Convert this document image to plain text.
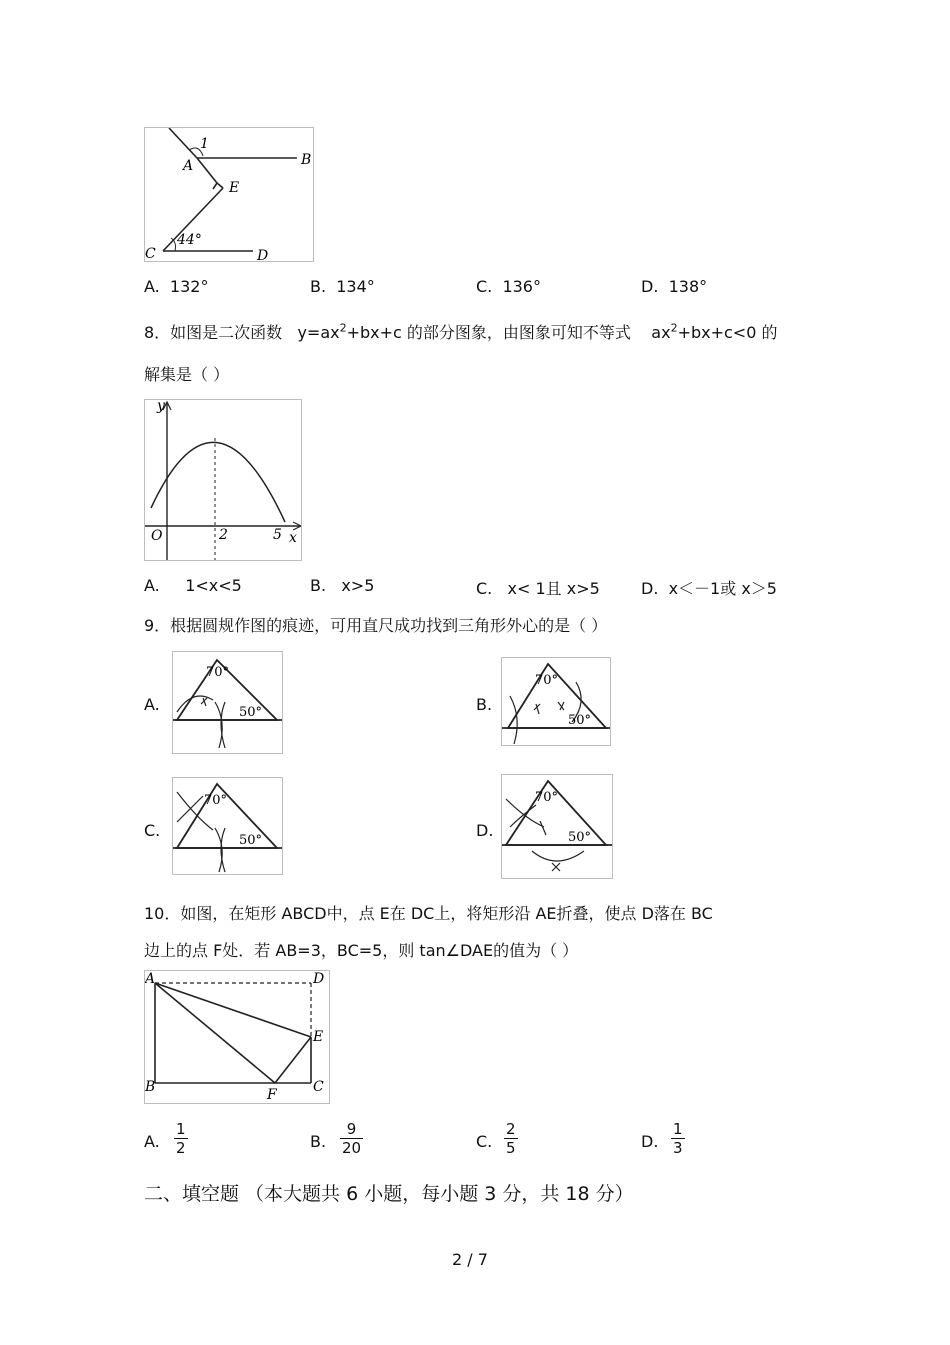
A	B
C	D
E
1
44°
A. 132°	B. 134°	C. 136°	D. 138°
8．如图是二次函数 $y=ax^2+bx+c$ 的部分图象，由图象可知不等式 $ax^2+bx+c<0$ 的
解集是（ ）
y
O	2	5 x
A. 1<x<5	B. x>5	C. x< 1且 x>5	D. x＜－1或 x＞5
9．根据圆规作图的痕迹，可用直尺成功找到三角形外心的是（ ）
A.
70°
50°	B.
70°
50°
C.
70°
50°
D.
70°
50°
10．如图，在矩形 ABCD中，点 E在 DC上，将矩形沿 AE折叠，使点 D落在 BC
边上的点 F处．若 AB=3，BC=5，则 tan∠DAE的值为（ ）
A	D
E
B	C
F
A. $\frac{1}{2}$	B. $\frac{9}{20}$	C. $\frac{2}{5}$	D. $\frac{1}{3}$
二、填空题 （本大题共 6 小题，每小题 3 分，共 18 分）
2 / 7
